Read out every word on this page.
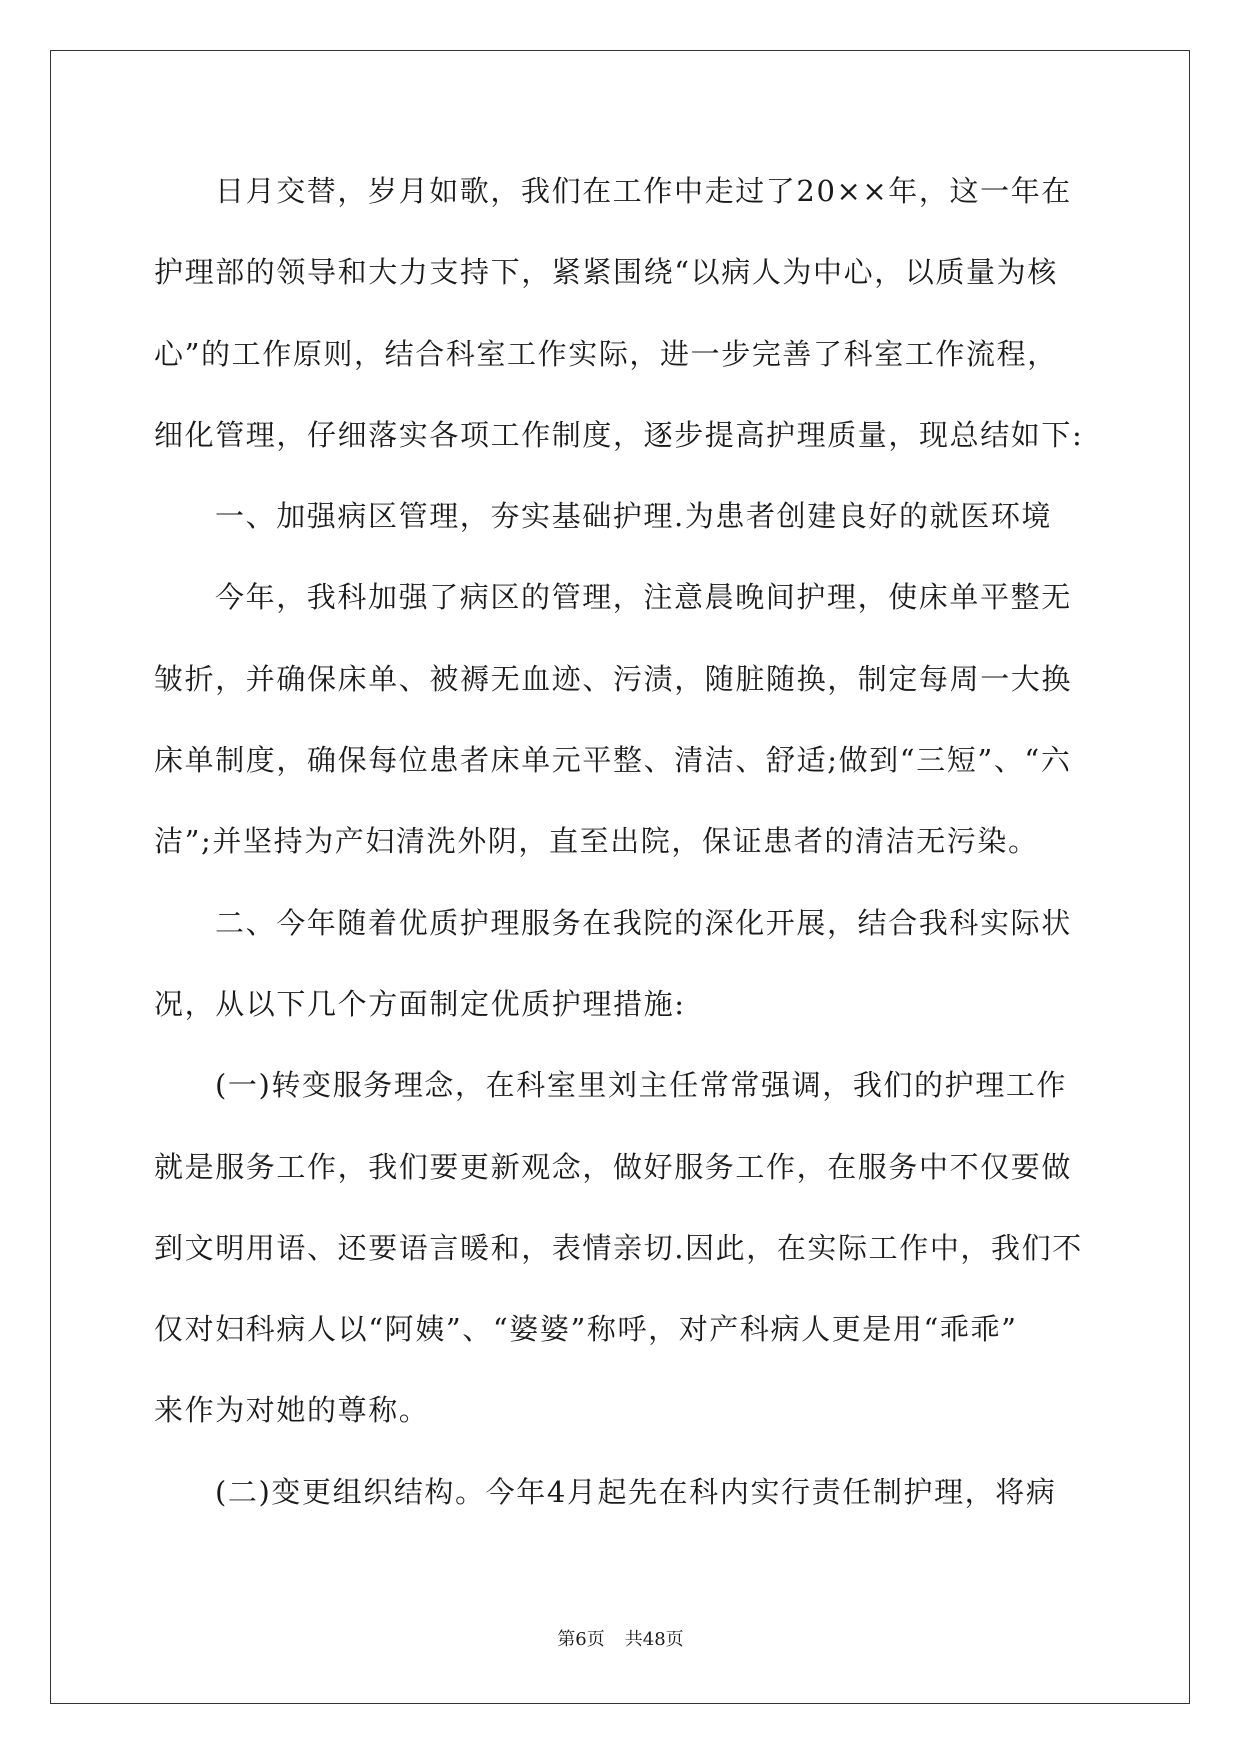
日月交替，岁月如歌，我们在工作中走过了20××年，这一年在
护理部的领导和大力支持下，紧紧围绕“以病人为中心，以质量为核
心”的工作原则，结合科室工作实际，进一步完善了科室工作流程，
细化管理，仔细落实各项工作制度，逐步提高护理质量，现总结如下:
一、加强病区管理，夯实基础护理.为患者创建良好的就医环境
今年，我科加强了病区的管理，注意晨晚间护理，使床单平整无
皱折，并确保床单、被褥无血迹、污渍，随脏随换，制定每周一大换
床单制度，确保每位患者床单元平整、清洁、舒适;做到“三短”、“六
洁”;并坚持为产妇清洗外阴，直至出院，保证患者的清洁无污染。
二、今年随着优质护理服务在我院的深化开展，结合我科实际状
况，从以下几个方面制定优质护理措施:
(一)转变服务理念，在科室里刘主任常常强调，我们的护理工作
就是服务工作，我们要更新观念，做好服务工作，在服务中不仅要做
到文明用语、还要语言暖和，表情亲切.因此，在实际工作中，我们不
仅对妇科病人以“阿姨”、“婆婆”称呼，对产科病人更是用“乖乖”
来作为对她的尊称。
(二)变更组织结构。今年4月起先在科内实行责任制护理，将病
第6页 共48页
